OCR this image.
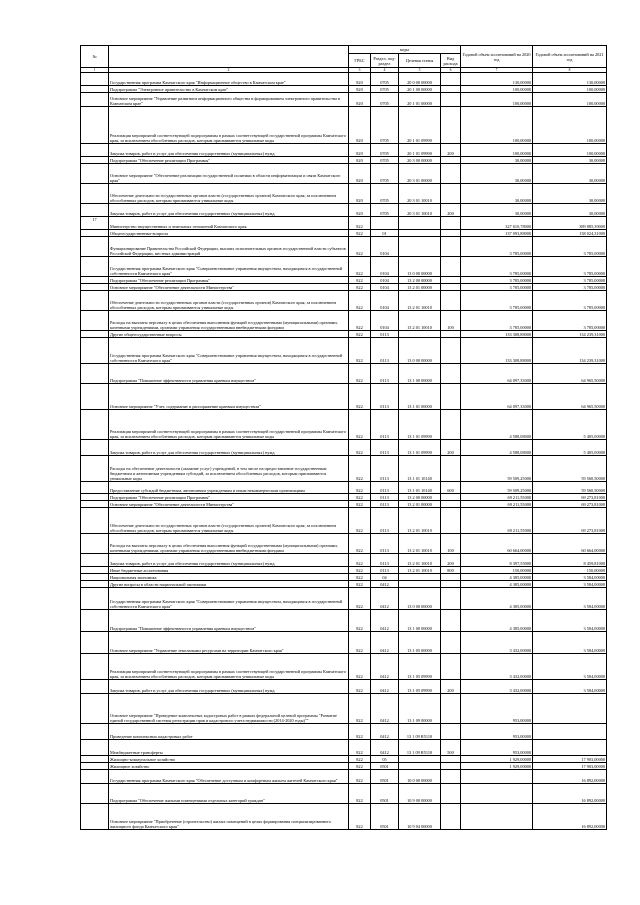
№		коды				Годовой объем ассигнований на 2020 год	Годовой объем ассигнований на 2021 год
		ГРБС	Раздел, под-раздел	Целевая статья	Вид расхода		
1	2	3	4	5	6	7	8
	Государственная программа Камчатского края "Информационное общество в Камчатском крае"	820	0705	20 0 00 00000		130,00000	130,00000
	Подпрограмма "Электронное правительство в Камчатском крае"	820	0705	20 1 00 00000		100,00000	100,00000
	Основное мероприятие "Управление развитием информационного общества и формированием электронного правительства в Камчатском крае"	820	0705	20 1 01 00000		100,00000	100,00000
	Реализация мероприятий соответствующей подпрограммы в рамках соответствующей государственной программы Камчатского края, за исключением обособленных расходов, которым присваиваются уникальные коды	820	0705	20 1 01 09990		100,00000	100,00000
	Закупка товаров, работ и услуг для обеспечения государственных (муниципальных) нужд	820	0705	20 1 01 09990	200	100,00000	100,00000
	Подпрограмма "Обеспечение реализации Программы"	820	0705	20 3 00 00000		30,00000	30,00000
	Основное мероприятие "Обеспечение реализации государственной политики в области информатизации и связи Камчатского края"	820	0705	20 3 01 00000		30,00000	30,00000
	Обеспечение деятельности государственных органов власти (государственных органов) Камчатского края, за исключением обособленных расходов, которым присваиваются уникальные коды	820	0705	20 3 01 10010		30,00000	30,00000
	Закупка товаров, работ и услуг для обеспечения государственных (муниципальных) нужд	820	0705	20 3 01 10010	200	30,00000	30,00000
17	Министерство имущественных и земельных отношений Камчатского края	822				327 610,78000	389 885,39000
	Общегосударственные вопросы	822	01			137 093,88000	138 024,31000
	Функционирование Правительства Российской Федерации, высших исполнительных органов государственной власти субъектов Российской Федерации, местных администраций	822	0104			3 785,00000	3 785,00000
	Государственная программа Камчатского края "Совершенствование управления имуществом, находящимся в государственной собственности Камчатского края"	822	0104	13 0 00 00000		3 785,00000	3 785,00000
	Подпрограмма "Обеспечение реализации Программы"	822	0104	13 2 00 00000		3 785,00000	3 785,00000
	Основное мероприятие "Обеспечение деятельности Министерства"	822	0104	13 2 01 00000		3 785,00000	3 785,00000
	Обеспечение деятельности государственных органов власти (государственных органов) Камчатского края, за исключением обособленных расходов, которым присваиваются уникальные коды	822	0104	13 2 01 10010		3 785,00000	3 785,00000
	Расходы на выплаты персоналу в целях обеспечения выполнения функций государственными (муниципальными) органами, казенными учреждениями, органами управления государственными внебюджетными фондами	822	0104	13 2 01 10010	100	3 785,00000	3 785,00000
	Другие общегосударственные вопросы	822	0113			133 308,88000	134 239,31000
	Государственная программа Камчатского края "Совершенствование управления имуществом, находящимся в государственной собственности Камчатского края"	822	0113	13 0 00 00000		133 308,88000	134 239,31000
	Подпрограмма "Повышение эффективности управления краевым имуществом"	822	0113	13 1 00 00000		64 097,33000	64 965,50000
	Основное мероприятие "Учет, содержание и распоряжение краевым имуществом"	822	0113	13 1 01 00000		64 097,33000	64 965,50000
	Реализация мероприятий соответствующей подпрограммы в рамках соответствующей государственной программы Камчатского края, за исключением обособленных расходов, которым присваиваются уникальные коды	822	0113	13 1 01 09990		4 588,08000	5 405,00000
	Закупка товаров, работ и услуг для обеспечения государственных (муниципальных) нужд	822	0113	13 1 01 09990	200	4 588,08000	5 405,00000
	Расходы на обеспечение деятельности (оказание услуг) учреждений, в том числе на предоставление государственным бюджетным и автономным учреждениям субсидий, за исключением обособленных расходов, которым присваиваются уникальные коды	822	0113	13 1 01 10140		59 509,25000	59 560,50000
	Предоставление субсидий бюджетным, автономным учреждениям и иным некоммерческим организациям	822	0113	13 1 01 10140	600	59 509,25000	59 560,50000
	Подпрограмма "Обеспечение реализации Программы"	822	0113	13 2 00 00000		69 211,55000	69 273,81000
	Основное мероприятие "Обеспечение деятельности Министерства"	822	0113	13 2 01 00000		69 211,55000	69 273,81000
	Обеспечение деятельности государственных органов власти (государственных органов) Камчатского края, за исключением обособленных расходов, которым присваиваются уникальные коды	822	0113	13 2 01 10010		69 211,55000	69 273,81000
	Расходы на выплаты персоналу в целях обеспечения выполнения функций государственными (муниципальными) органами, казенными учреждениями, органами управления государственными внебюджетными фондами	822	0113	13 2 01 10010	100	60 664,00000	60 664,00000
	Закупка товаров, работ и услуг для обеспечения государственных (муниципальных) нужд	822	0113	13 2 01 10010	200	8 397,55000	8 459,81000
	Иные бюджетные ассигнования	822	0113	13 2 01 10010	800	150,00000	150,00000
	Национальная экономика	822	04			4 385,00000	3 584,00000
	Другие вопросы в области национальной экономики	822	0412			4 385,00000	3 584,00000
	Государственная программа Камчатского края "Совершенствование управления имуществом, находящимся в государственной собственности Камчатского края"	822	0412	13 0 00 00000		4 385,00000	3 584,00000
	Подпрограмма "Повышение эффективности управления краевым имуществом"	822	0412	13 1 00 00000		4 385,00000	3 584,00000
	Основное мероприятие "Управление земельными ресурсами на территории Камчатского края"	822	0412	13 1 05 00000		3 432,00000	3 584,00000
	Реализация мероприятий соответствующей подпрограммы в рамках соответствующей государственной программы Камчатского края, за исключением обособленных расходов, которым присваиваются уникальные коды	822	0412	13 1 05 09990		3 432,00000	3 584,00000
	Закупка товаров, работ и услуг для обеспечения государственных (муниципальных) нужд	822	0412	13 1 05 09990	200	3 432,00000	3 584,00000
	Основное мероприятие "Проведение комплексных кадастровых работ в рамках федеральной целевой программы "Развитие единой государственной системы регистрации прав и кадастрового учета недвижимости (2014-2020 годы)""	822	0412	13 1 09 00000		953,00000	
	Проведение комплексных кадастровых работ	822	0412	13 1 09 R5110		953,00000	
	Межбюджетные трансферты	822	0412	13 1 09 R5110	500	953,00000	
	Жилищно-коммунальное хозяйство	822	05			1 929,00000	17 903,00000
	Жилищное хозяйство	822	0501			1 929,00000	17 903,00000
	Государственная программа Камчатского края "Обеспечение доступным и комфортным жильем жителей Камчатского края"	822	0501	10 0 00 00000			16 892,00000
	Подпрограмма "Обеспечение жилыми помещениями отдельных категорий граждан"	822	0501	10 9 00 00000			16 892,00000
	Основное мероприятие "Приобретение (строительство) жилых помещений в целях формирования специализированного жилищного фонда Камчатского края"	822	0501	10 9 04 00000			16 892,00000
